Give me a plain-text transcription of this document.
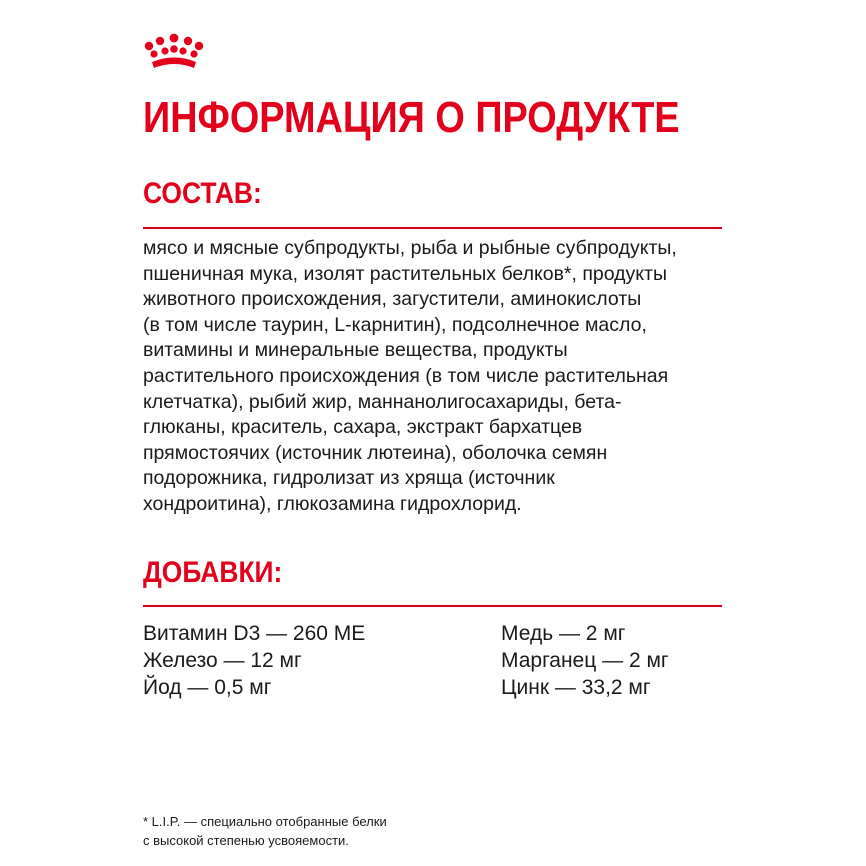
ИНФОРМАЦИЯ О ПРОДУКТЕ
СОСТАВ:

мясо и мясные субпродукты, рыба и рыбные субпродукты,
пшеничная мука, изолят растительных белков*, продукты
животного происхождения, загустители, аминокислоты
(в том числе таурин, L-карнитин), подсолнечное масло,
витамины и минеральные вещества, продукты
растительного происхождения (в том числе растительная
клетчатка), рыбий жир, маннанолигосахариды, бета-
глюканы, краситель, сахара, экстракт бархатцев
прямостоячих (источник лютеина), оболочка семян
подорожника, гидролизат из хряща (источник
хондроитина), глюкозамина гидрохлорид.

ДОБАВКИ:
Витамин D3 — 260 МЕ
Железо — 12 мг
Йод — 0,5 мг
Медь — 2 мг
Марганец — 2 мг
Цинк — 33,2 мг

* L.I.P. — специально отобранные белки
с высокой степенью усвояемости.
